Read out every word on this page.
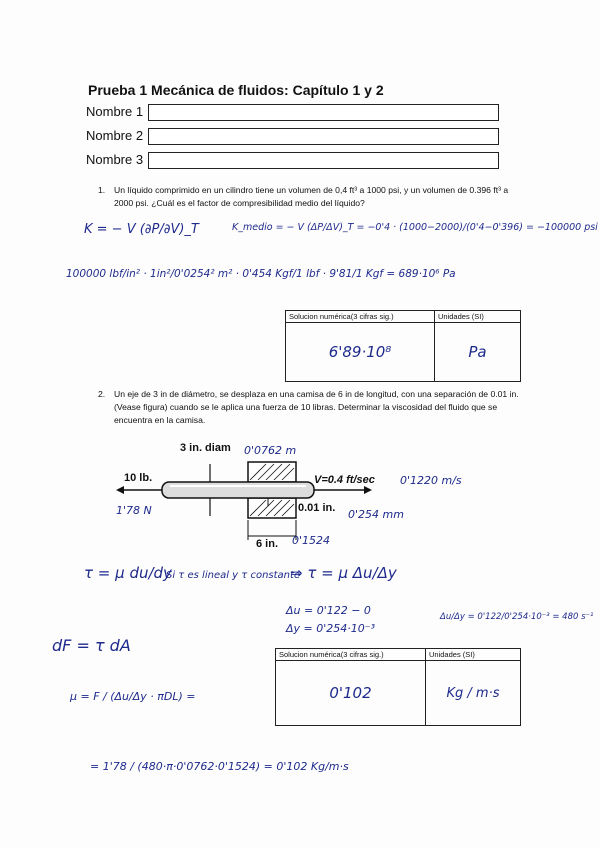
Prueba 1 Mecánica de fluidos: Capítulo 1 y 2
Nombre 1
Nombre 2
Nombre 3
1. Un líquido comprimido en un cilindro tiene un volumen de 0,4 ft³ a 1000 psi, y un volumen de 0.396 ft³ a 2000 psi. ¿Cuál es el factor de compresibilidad medio del líquido?
K = − V (∂P/∂V)_T	K_medio = − V (ΔP/ΔV)_T = −0'4 · (1000−2000)/(0'4−0'396) = −100000 psi
100000 lbf/in² · 1in²/0'0254² m² · 0'454 Kgf/1 lbf · 9'81/1 Kgf = 689·10⁶ Pa
Solucion numérica(3 cifras sig.)	Unidades (SI)
6'89·10⁸	Pa
2. Un eje de 3 in de diámetro, se desplaza en una camisa de 6 in de longitud, con una separación de 0.01 in. (Vease figura) cuando se le aplica una fuerza de 10 libras. Determinar la viscosidad del fluido que se encuentra en la camisa.
3 in. diam
10 lb.	V=0.4 ft/sec
0.01 in.
6 in.
0'0762 m
0'1220 m/s
1'78 N	0'254 mm
0'1524
τ = μ du/dy
Si τ es lineal y τ constante
⇒ τ = μ Δu/Δy
Δu = 0'122 − 0
Δy = 0'254·10⁻³
Δu/Δy = 0'122/0'254·10⁻³ = 480 s⁻¹
dF = τ dA	Solucion numérica(3 cifras sig.)	Unidades (SI)
0'102	Kg / m·s
μ = F / (Δu/Δy · πDL) =
= 1'78 / (480·π·0'0762·0'1524) = 0'102 Kg/m·s
